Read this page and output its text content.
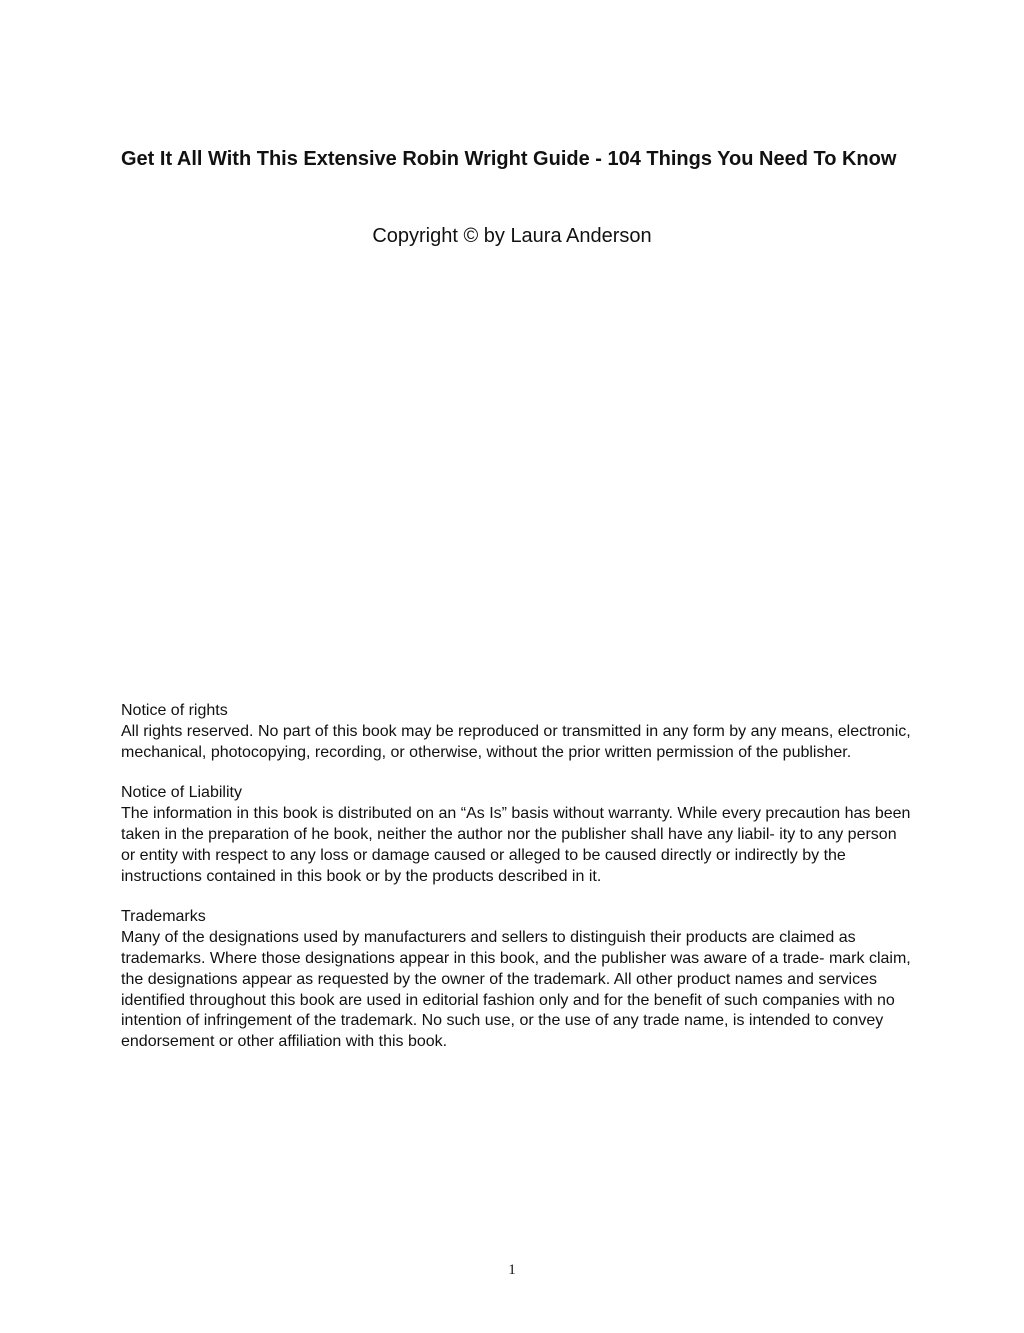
Get It All With This Extensive Robin Wright Guide - 104 Things You Need To Know

Copyright © by Laura Anderson

Notice of rights
All rights reserved. No part of this book may be reproduced or transmitted in any form by any means, electronic, mechanical, photocopying, recording, or otherwise, without the prior written permission of the publisher.
Notice of Liability
The information in this book is distributed on an “As Is” basis without warranty. While every precaution has been taken in the preparation of he book, neither the author nor the publisher shall have any liabil- ity to any person or entity with respect to any loss or damage caused or alleged to be caused directly or indirectly by the instructions contained in this book or by the products described in it.
Trademarks
Many of the designations used by manufacturers and sellers to distinguish their products are claimed as trademarks. Where those designations appear in this book, and the publisher was aware of a trade- mark claim, the designations appear as requested by the owner of the trademark. All other product names and services identified throughout this book are used in editorial fashion only and for the benefit of such companies with no intention of infringement of the trademark. No such use, or the use of any trade name, is intended to convey endorsement or other affiliation with this book.
1
